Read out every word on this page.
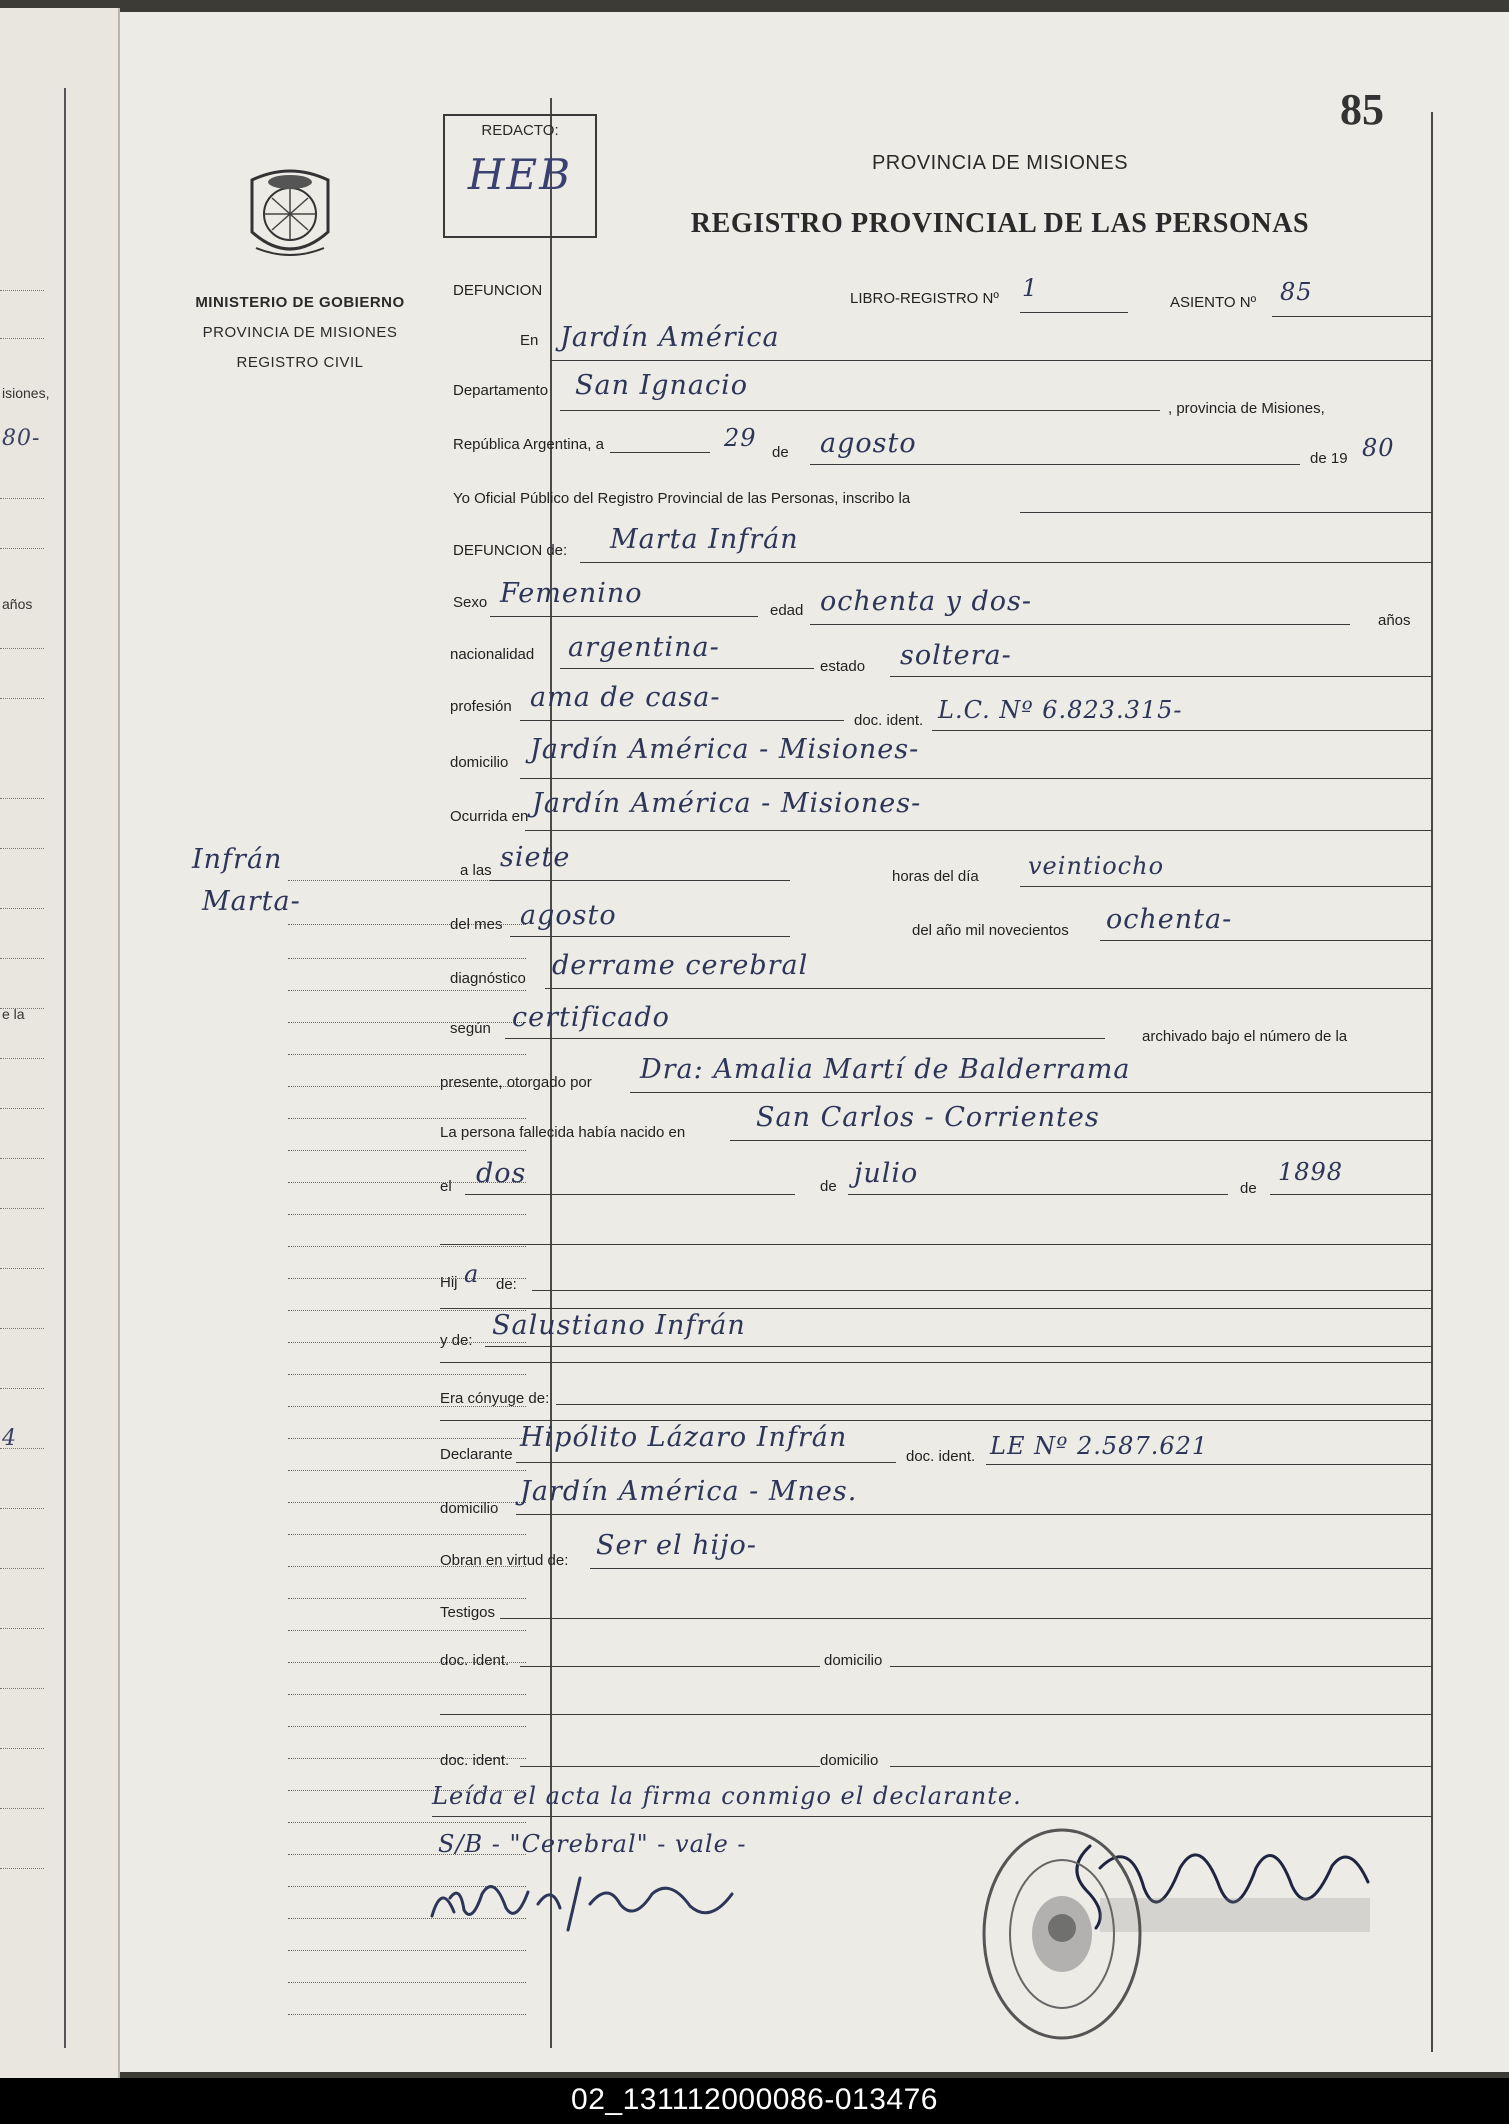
isiones,
80-
años
e la
4
85
REDACTO:
HEB
MINISTERIO DE GOBIERNO
PROVINCIA DE MISIONES
REGISTRO CIVIL
PROVINCIA DE MISIONES
REGISTRO PROVINCIAL DE LAS PERSONAS
Infrán
Marta-
DEFUNCION	LIBRO-REGISTRO Nº 1
ASIENTO Nº 85
En Jardín América
Departamento San Ignacio
, provincia de Misiones,
República Argentina, a	29
de agosto	de 19 80
Yo Oficial Público del Registro Provincial de las Personas, inscribo la
DEFUNCION de: Marta Infrán
Sexo Femenino
edad ochenta y dos-
años
nacionalidad argentina-
estado soltera-
profesión ama de casa-
doc. ident. L.C. Nº 6.823.315-
domicilio Jardín América - Misiones-
Ocurrida en Jardín América - Misiones-
a las siete
horas del día veintiocho
del mes agosto	del año mil novecientos ochenta-
diagnóstico derrame cerebral
según certificado
archivado bajo el número de la
presente, otorgado por Dra: Amalia Martí de Balderrama
La persona fallecida había nacido en	San Carlos - Corrientes
el dos	de julio	de
1898
Hij a de:
y de: Salustiano Infrán
Era cónyuge de:
Declarante
Hipólito Lázaro Infrán
doc. ident. LE Nº 2.587.621
domicilio
Jardín América - Mnes.
Obran en virtud de: Ser el hijo-
Testigos
doc. ident.	domicilio
doc. ident.	domicilio
Leída el acta la firma conmigo el declarante.
S/B - "Cerebral" - vale -
02_131112000086-013476
